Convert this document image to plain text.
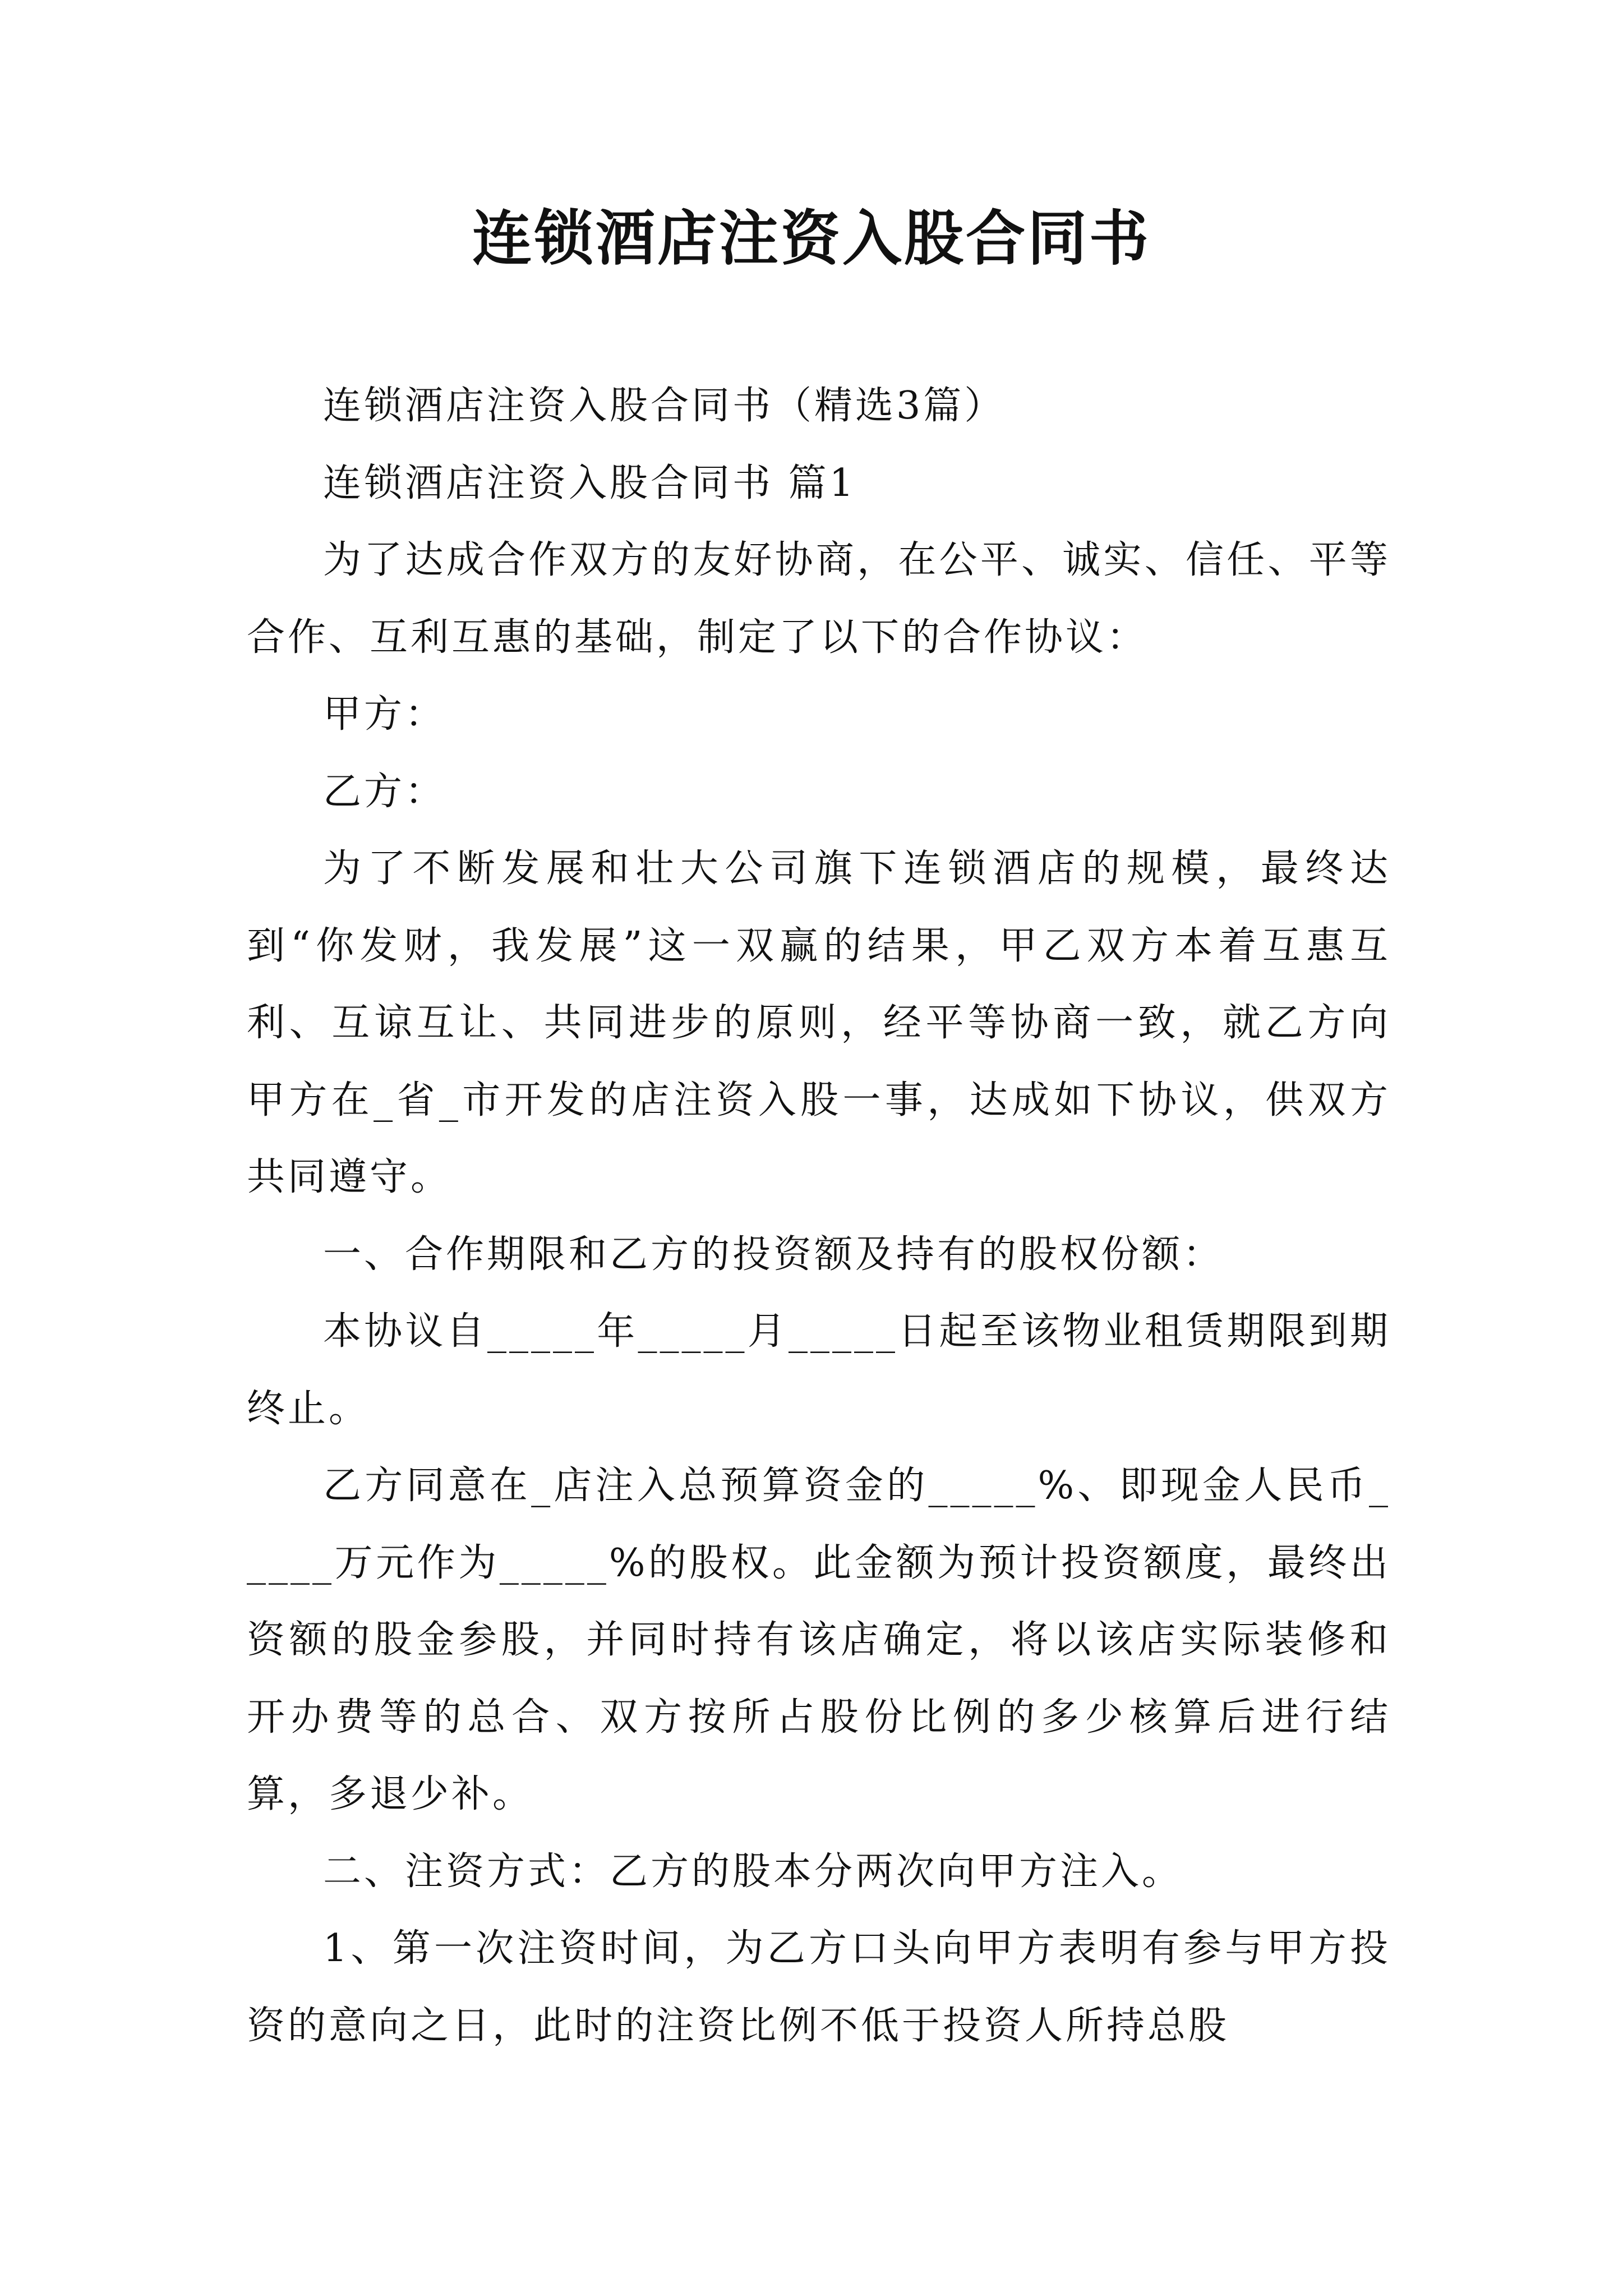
连锁酒店注资入股合同书

连锁酒店注资入股合同书（精选3篇）

连锁酒店注资入股合同书 篇1

为了达成合作双方的友好协商，在公平、诚实、信任、平等合作、互利互惠的基础，制定了以下的合作协议：

甲方：

乙方：

为了不断发展和壮大公司旗下连锁酒店的规模，最终达到“你发财，我发展”这一双赢的结果，甲乙双方本着互惠互利、互谅互让、共同进步的原则，经平等协商一致，就乙方向甲方在_省_市开发的店注资入股一事，达成如下协议，供双方共同遵守。

一、合作期限和乙方的投资额及持有的股权份额：

本协议自_____年_____月_____日起至该物业租赁期限到期终止。

乙方同意在_店注入总预算资金的_____%、即现金人民币_____万元作为_____%的股权。此金额为预计投资额度，最终出资额的股金参股，并同时持有该店确定，将以该店实际装修和开办费等的总合、双方按所占股份比例的多少核算后进行结算，多退少补。

二、注资方式：乙方的股本分两次向甲方注入。

1、第一次注资时间，为乙方口头向甲方表明有参与甲方投资的意向之日，此时的注资比例不低于投资人所持总股
